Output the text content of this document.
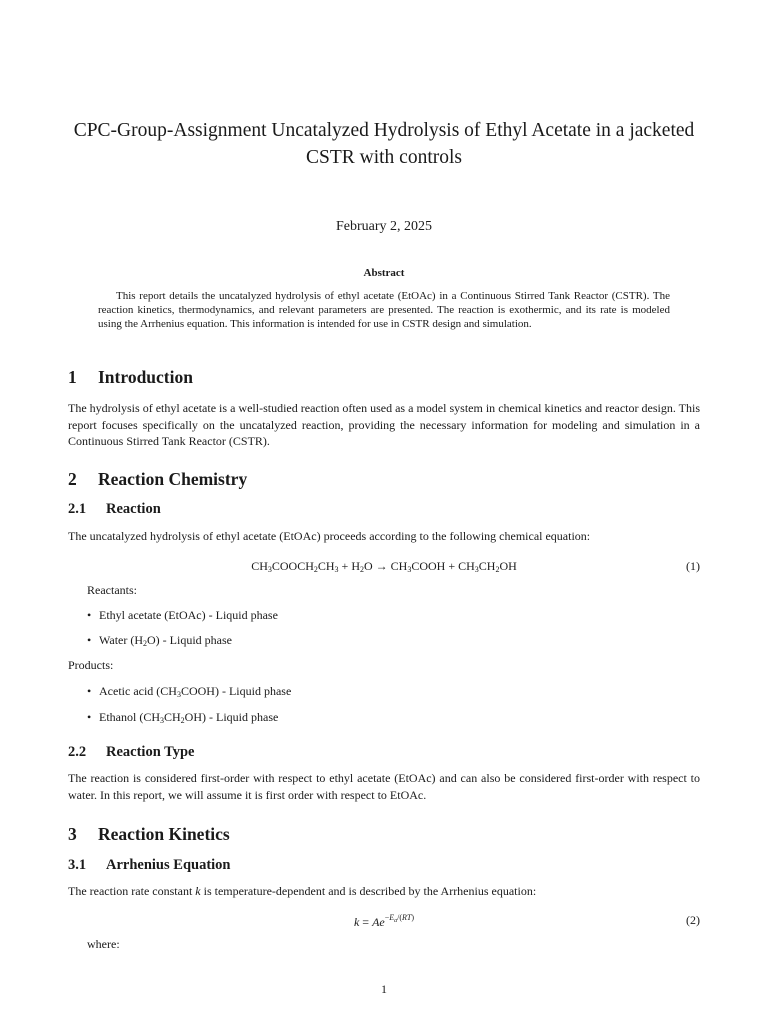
CPC-Group-Assignment Uncatalyzed Hydrolysis of Ethyl Acetate in a jacketed CSTR with controls
February 2, 2025
Abstract
This report details the uncatalyzed hydrolysis of ethyl acetate (EtOAc) in a Continuous Stirred Tank Reactor (CSTR). The reaction kinetics, thermodynamics, and relevant parameters are presented. The reaction is exothermic, and its rate is modeled using the Arrhenius equation. This information is intended for use in CSTR design and simulation.
1 Introduction
The hydrolysis of ethyl acetate is a well-studied reaction often used as a model system in chemical kinetics and reactor design. This report focuses specifically on the uncatalyzed reaction, providing the necessary information for modeling and simulation in a Continuous Stirred Tank Reactor (CSTR).
2 Reaction Chemistry
2.1 Reaction
The uncatalyzed hydrolysis of ethyl acetate (EtOAc) proceeds according to the following chemical equation:
$CH_3COOCH_2CH_3 + H_2O$ → $CH_3COOH + CH_3CH_2OH$	(1)
Reactants:
• Ethyl acetate (EtOAc) - Liquid phase
• Water $(H_2O)$ - Liquid phase
Products:
• Acetic acid $(CH_3COOH)$ - Liquid phase
• Ethanol $(CH_3CH_2OH)$ - Liquid phase
2.2 Reaction Type
The reaction is considered first-order with respect to ethyl acetate (EtOAc) and can also be considered first-order with respect to water. In this report, we will assume it is first order with respect to EtOAc.
3 Reaction Kinetics
3.1 Arrhenius Equation
The reaction rate constant k is temperature-dependent and is described by the Arrhenius equation:
$k = Ae^{-E_a/(RT)}$	(2)
where:
1
